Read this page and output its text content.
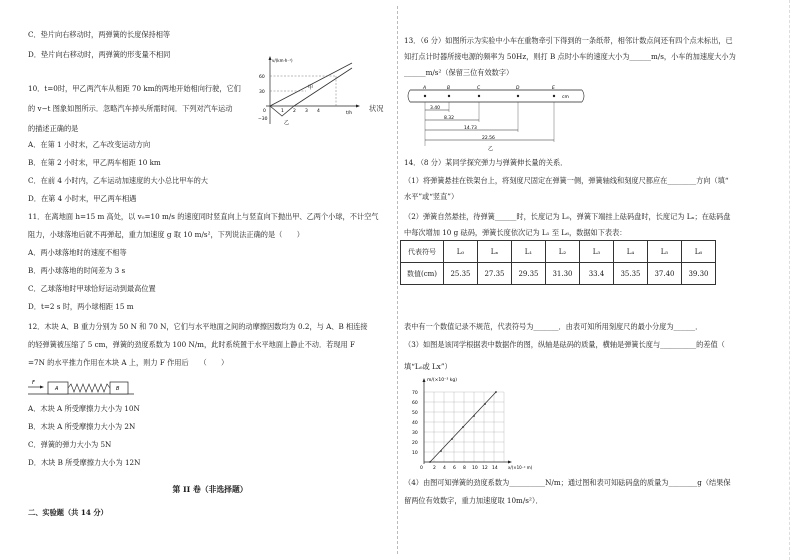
C．垫片向右移动时，两弹簧的长度保持相等
D．垫片向右移动时，两弹簧的形变量不相同
10．t=0时，甲乙两汽车从相距 70 km的两地开始相向行驶，它们
的 v−t 图象如图所示．忽略汽车掉头所需时间．下列对汽车运动
的描述正确的是
状况
v/(km·h⁻¹)
t/h
60
30
0
−30
1 2 3 4
甲
乙
A．在第 1 小时末，乙车改变运动方向
B．在第 2 小时末，甲乙两车相距 10 km
C．在前 4 小时内，乙车运动加速度的大小总比甲车的大
D．在第 4 小时末，甲乙两车相遇
11．在离地面 h=15 m 高处，以 v₀=10 m/s 的速度同时竖直向上与竖直向下抛出甲、乙两个小球，不计空气
阻力，小球落地后就不再弹起，重力加速度 g 取 10 m/s²，下列说法正确的是（　　）
A．两小球落地时的速度不相等
B．两小球落地的时间差为 3 s
C．乙球落地时甲球恰好运动到最高位置
D．t=2 s 时，两小球相距 15 m
12．木块 A、B 重力分别为 50 N 和 70 N，它们与水平地面之间的动摩擦因数均为 0.2，与 A、B 相连接
的轻弹簧被压缩了 5 cm，弹簧的劲度系数为 100 N/m，此时系统置于水平地面上静止不动．若现用 F
=7N 的水平推力作用在木块 A 上，则力 F 作用后　　（　　）
F
A	B
A．木块 A 所受摩擦力大小为 10N
B．木块 A 所受摩擦力大小为 2N
C．弹簧的弹力大小为 5N
D．木块 B 所受摩擦力大小为 12N
第 II 卷（非选择题）
二、实验题（共 14 分）
13．（6 分）如图所示为实验中小车在重物牵引下得到的一条纸带，相邻计数点间还有四个点未标出，已
知打点计时器所接电源的频率为 50Hz，则打 B 点时小车的速度大小为______m/s，小车的加速度大小为
______m/s²（保留三位有效数字）
A	B	C	D	E
cm
3.40
8.32
14.73
22.56
乙
14．（8 分）某同学探究弹力与弹簧伸长量的关系．
（1）将弹簧悬挂在铁架台上，将刻度尺固定在弹簧一侧，弹簧轴线和刻度尺都应在________方向（填“
水平”或“竖直”）
（2）弹簧自然悬挂，待弹簧______时，长度记为 L₀，弹簧下端挂上砝码盘时，长度记为 Lₓ；在砝码盘
中每次增加 10 g 砝码，弹簧长度依次记为 L₁ 至 L₆，数据如下表表：
代表符号	L₀	Lₓ	L₁	L₂	L₃	L₄	L₅	L₆
数值(cm)	25.35	27.35	29.35	31.30	33.4	35.35	37.40	39.30
表中有一个数值记录不规范，代表符号为_______．由表可知所用刻度尺的最小分度为______．
（3）如图是该同学根据表中数据作的图，纵轴是砝码的质量，横轴是弹簧长度与__________的差值（
填“L₀或 Lx”）
m/(×10⁻³ kg)
x/(×10⁻² m)
70
60
50
40
30
20
10
0 2 4 6 8 10 12 14
（4）由图可知弹簧的劲度系数为__________N/m；通过图和表可知砝码盘的质量为________g（结果保
留两位有效数字，重力加速度取 10m/s²）．
